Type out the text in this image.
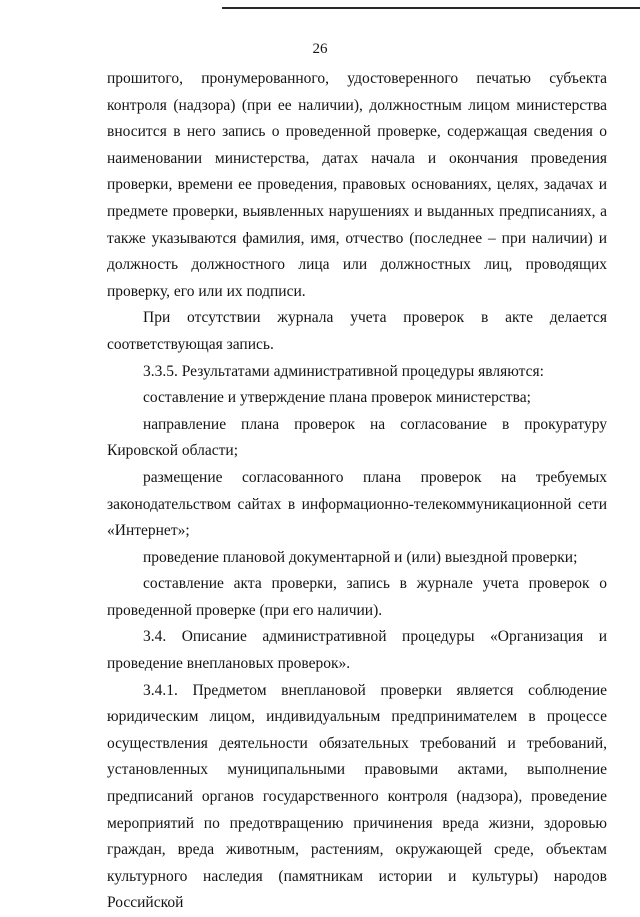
26

прошитого, пронумерованного, удостоверенного печатью субъекта контроля (надзора) (при ее наличии), должностным лицом министерства вносится в него запись о проведенной проверке, содержащая сведения о наименовании министерства, датах начала и окончания проведения проверки, времени ее проведения, правовых основаниях, целях, задачах и предмете проверки, выявленных нарушениях и выданных предписаниях, а также указываются фамилия, имя, отчество (последнее – при наличии) и должность должностного лица или должностных лиц, проводящих проверку, его или их подписи.

При отсутствии журнала учета проверок в акте делается соответствующая запись.

3.3.5. Результатами административной процедуры являются:

составление и утверждение плана проверок министерства;

направление плана проверок на согласование в прокуратуру Кировской области;

размещение согласованного плана проверок на требуемых законодательством сайтах в информационно-телекоммуникационной сети «Интернет»;

проведение плановой документарной и (или) выездной проверки;

составление акта проверки, запись в журнале учета проверок о проведенной проверке (при его наличии).

3.4. Описание административной процедуры «Организация и проведение внеплановых проверок».

3.4.1. Предметом внеплановой проверки является соблюдение юридическим лицом, индивидуальным предпринимателем в процессе осуществления деятельности обязательных требований и требований, установленных муниципальными правовыми актами, выполнение предписаний органов государственного контроля (надзора), проведение мероприятий по предотвращению причинения вреда жизни, здоровью граждан, вреда животным, растениям, окружающей среде, объектам культурного наследия (памятникам истории и культуры) народов Российской
